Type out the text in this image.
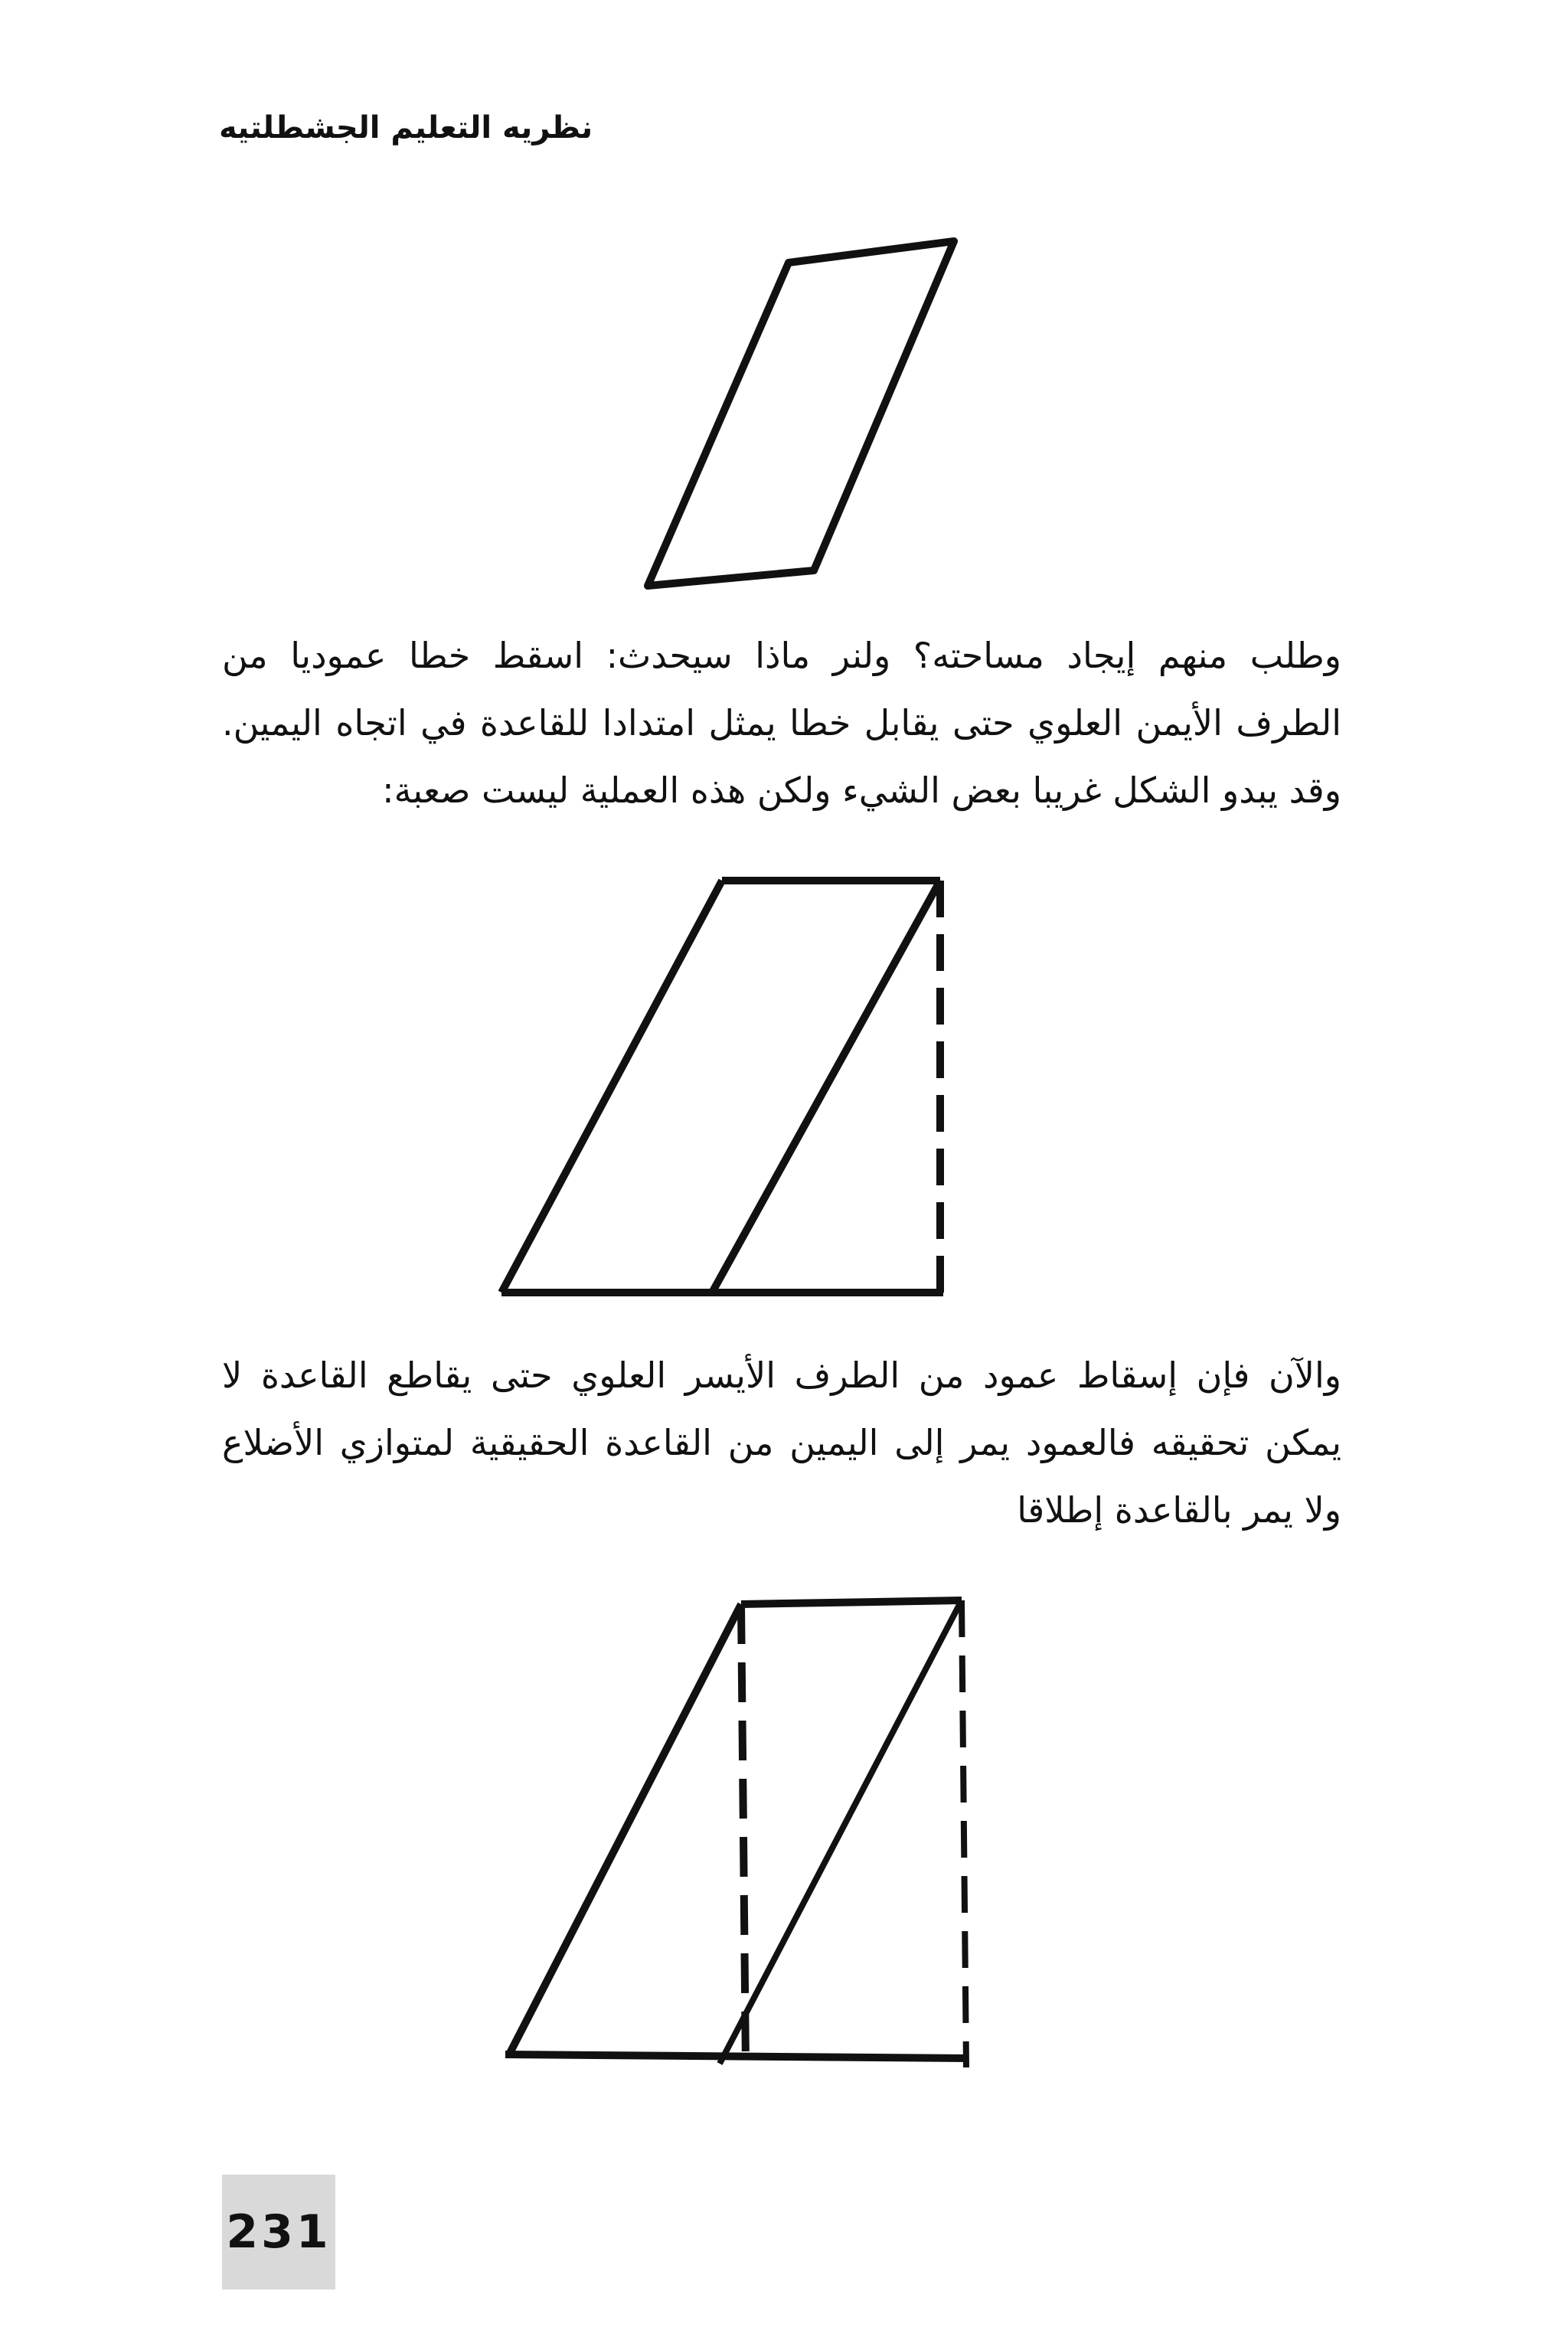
نظريه التعليم الجشطلتيه

وطلب منهم إيجاد مساحته؟ ولنر ماذا سيحدث: اسقط خطا عموديا من الطرف الأيمن العلوي حتى يقابل خطا يمثل امتدادا للقاعدة في اتجاه اليمين. وقد يبدو الشكل غريبا بعض الشيء ولكن هذه العملية ليست صعبة:

والآن فإن إسقاط عمود من الطرف الأيسر العلوي حتى يقاطع القاعدة لا يمكن تحقيقه فالعمود يمر إلى اليمين من القاعدة الحقيقية لمتوازي الأضلاع ولا يمر بالقاعدة إطلاقا

231
